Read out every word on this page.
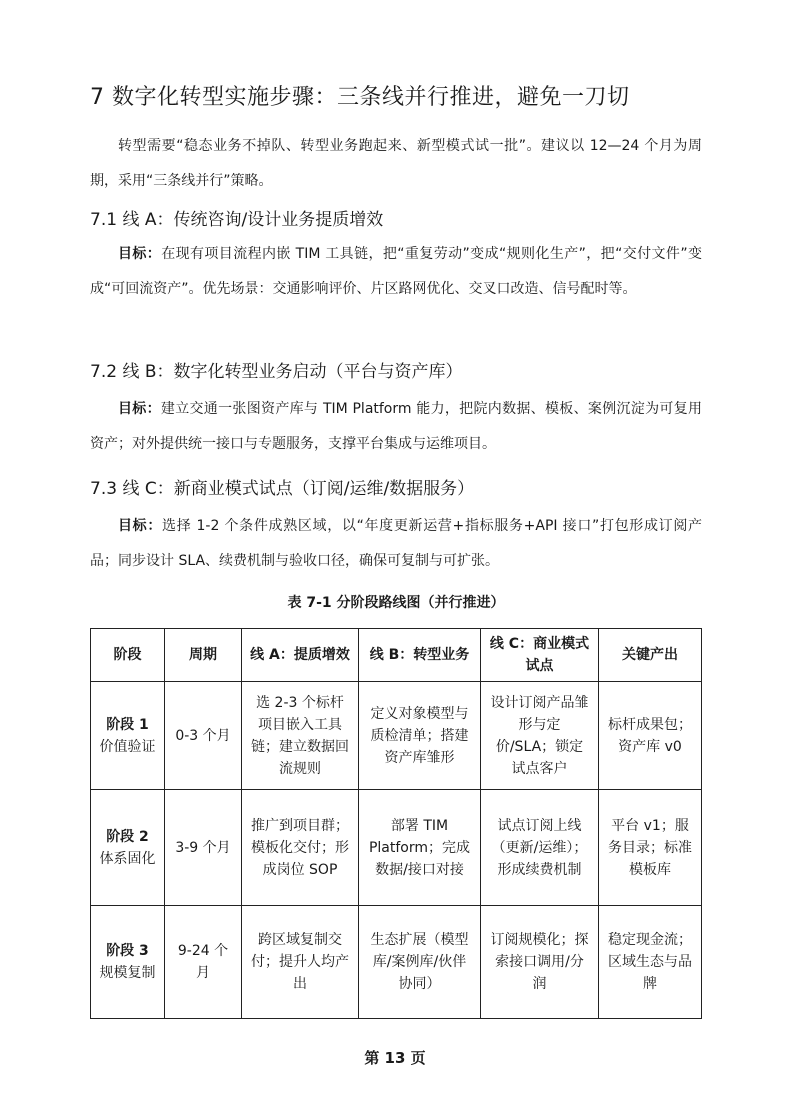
7 数字化转型实施步骤：三条线并行推进，避免一刀切

转型需要“稳态业务不掉队、转型业务跑起来、新型模式试一批”。建议以 12—24 个月为周期，采用“三条线并行”策略。

7.1 线 A：传统咨询/设计业务提质增效

目标：在现有项目流程内嵌 TIM 工具链，把“重复劳动”变成“规则化生产”，把“交付文件”变成“可回流资产”。优先场景：交通影响评价、片区路网优化、交叉口改造、信号配时等。

7.2 线 B：数字化转型业务启动（平台与资产库）

目标：建立交通一张图资产库与 TIM Platform 能力，把院内数据、模板、案例沉淀为可复用资产；对外提供统一接口与专题服务，支撑平台集成与运维项目。

7.3 线 C：新商业模式试点（订阅/运维/数据服务）

目标：选择 1-2 个条件成熟区域，以“年度更新运营+指标服务+API 接口”打包形成订阅产品；同步设计 SLA、续费机制与验收口径，确保可复制与可扩张。

表 7-1 分阶段路线图（并行推进）
阶段	周期	线 A：提质增效	线 B：转型业务	线 C：商业模式试点	关键产出

阶段 1
价值验证	0-3 个月	选 2-3 个标杆项目嵌入工具链；建立数据回流规则	定义对象模型与质检清单；搭建资产库雏形	设计订阅产品雏形与定价/SLA；锁定试点客户	标杆成果包；资产库 v0

阶段 2
体系固化	3-9 个月	推广到项目群；模板化交付；形成岗位 SOP	部署 TIM Platform；完成数据/接口对接	试点订阅上线（更新/运维）；形成续费机制	平台 v1；服务目录；标准模板库

阶段 3
规模复制	9-24 个月	跨区域复制交付；提升人均产出	生态扩展（模型库/案例库/伙伴协同）	订阅规模化；探索接口调用/分润	稳定现金流；区域生态与品牌
第 13 页
